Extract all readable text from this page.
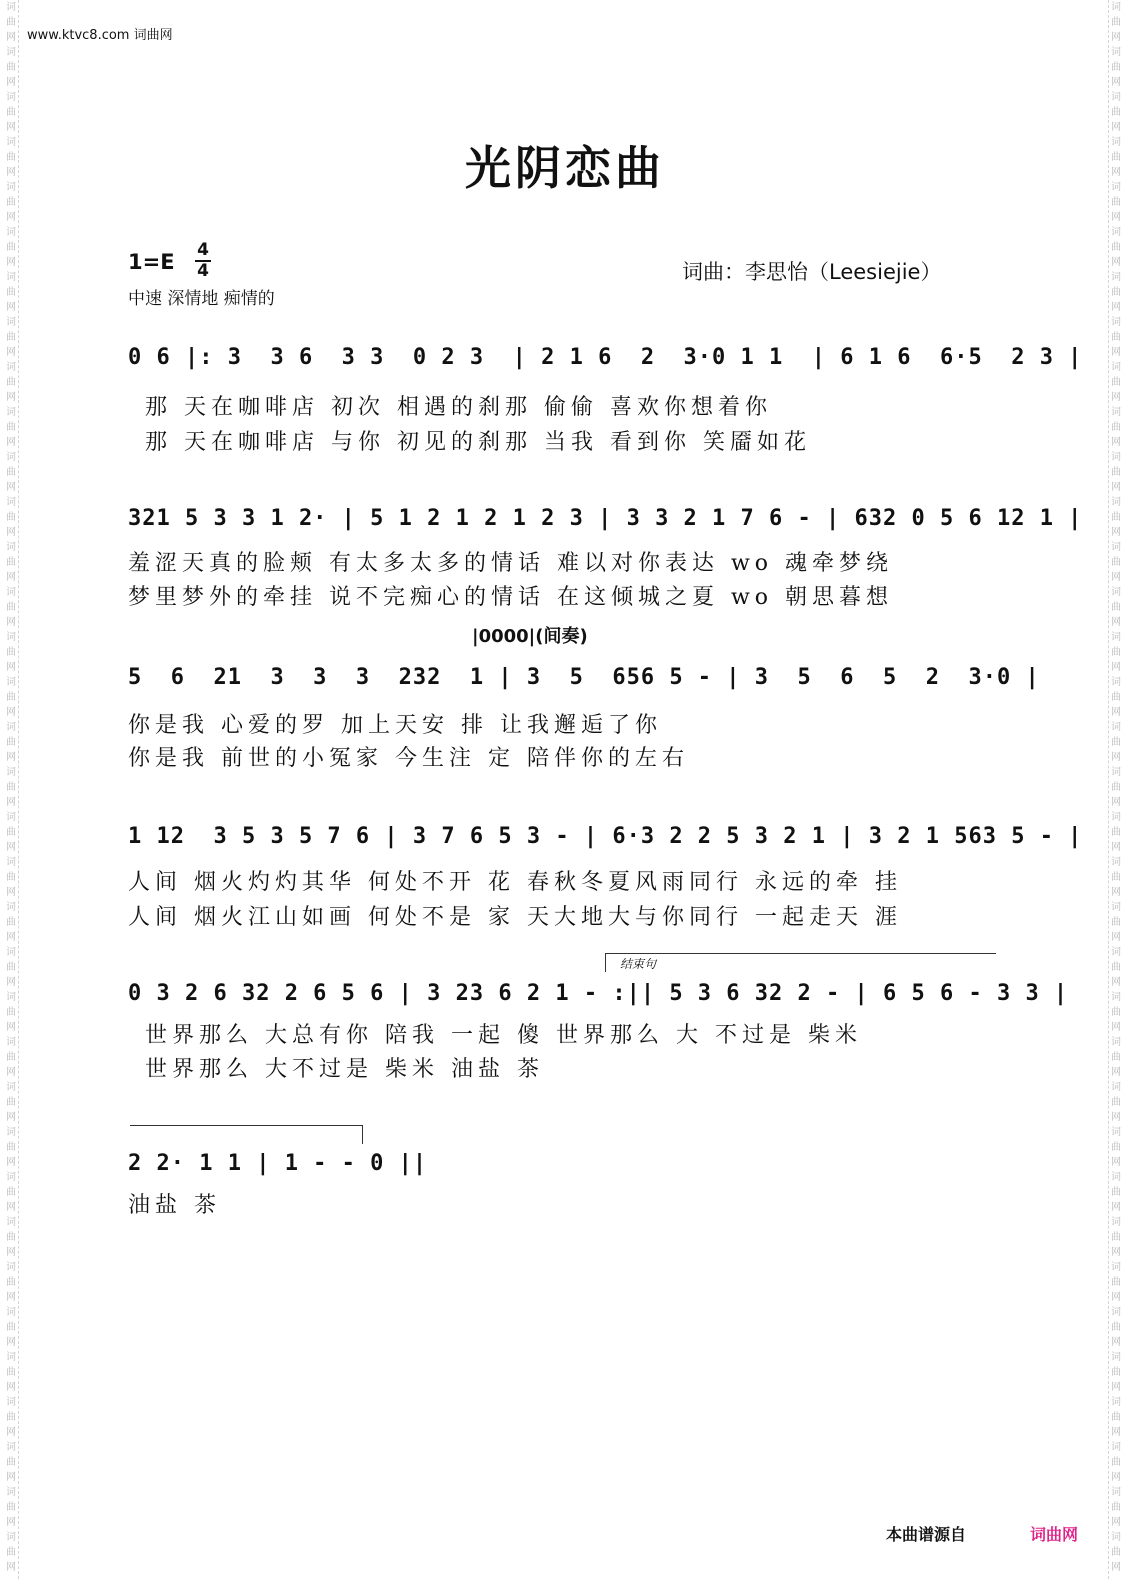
词
曲
网
词
曲
网
词
曲
网
词
曲
网
词
曲
网
词
曲
网
词
曲
网
词
曲
网
词
曲
网
词
曲
网
词
曲
网
词
曲
网
词
曲
网
词
曲
网
词
曲
网
词
曲
网
词
曲
网
词
曲
网
词
曲
网
词
曲
网
词
曲
网
词
曲
网
词
曲
网
词
曲
网
词
曲
网
词
曲
网
词
曲
网
词
曲
网
词
曲
网
词
曲
网
词
曲
网
词
曲
网
词
曲
网
词
曲
网
词
曲
网
词
曲
网
词
曲
网
词
曲
网
词
曲
网
词
曲
网
词
曲
网
词
曲
网
词
曲
网
词
曲
网
词
曲
网
词
曲
网
词
曲
网
词
曲
网
词
曲
网
词
曲
网
词
曲
网
词
曲
网
词
曲
网
词
曲
网
词
曲
网
词
曲
网
词
曲
网
词
曲
网
词
曲
网
词
曲
网
词
曲
网
词
曲
网
词
曲
网
词
曲
网
词
曲
网
词
曲
网
词
曲
网
词
曲
网
词
曲
网
词
曲
网
www.ktvc8.com 词曲网
光阴恋曲
1=E 4
4
中速 深情地 痴情的
词曲：李思怡（Leesiejie）
0 6 |: 3  3 6  3 3  0 2 3  | 2 1 6  2  3·0 1 1  | 6 1 6  6·5  2 3 |
那 天在咖啡店 初次 相遇的刹那 偷偷 喜欢你想着你
那 天在咖啡店 与你 初见的刹那 当我 看到你 笑靥如花
321 5 3 3 1 2· | 5 1 2 1 2 1 2 3 | 3 3 2 1 7 6 - | 632 0 5 6 12 1 |
羞涩天真的脸颊 有太多太多的情话 难以对你表达 wo 魂牵梦绕
梦里梦外的牵挂 说不完痴心的情话 在这倾城之夏 wo 朝思暮想
|0000|(间奏)
5  6  21  3  3  3  232  1 | 3  5  656 5 - | 3  5  6  5  2  3·0 |
你是我 心爱的罗 加上天安 排 让我邂逅了你
你是我 前世的小冤家 今生注 定 陪伴你的左右
1 12  3 5 3 5 7 6 | 3 7 6 5 3 - | 6·3 2 2 5 3 2 1 | 3 2 1 563 5 - |
人间 烟火灼灼其华 何处不开 花 春秋冬夏风雨同行 永远的牵 挂
人间 烟火江山如画 何处不是 家 天大地大与你同行 一起走天 涯
结束句
0 3 2 6 32 2 6 5 6 | 3 23 6 2 1 - :|| 5 3 6 32 2 - | 6 5 6 - 3 3 |
世界那么 大总有你 陪我 一起 傻 世界那么 大 不过是 柴米
世界那么 大不过是 柴米 油盐 茶
2 2· 1 1 | 1 - - 0 ||
油盐 茶
本曲谱源自	词曲网
